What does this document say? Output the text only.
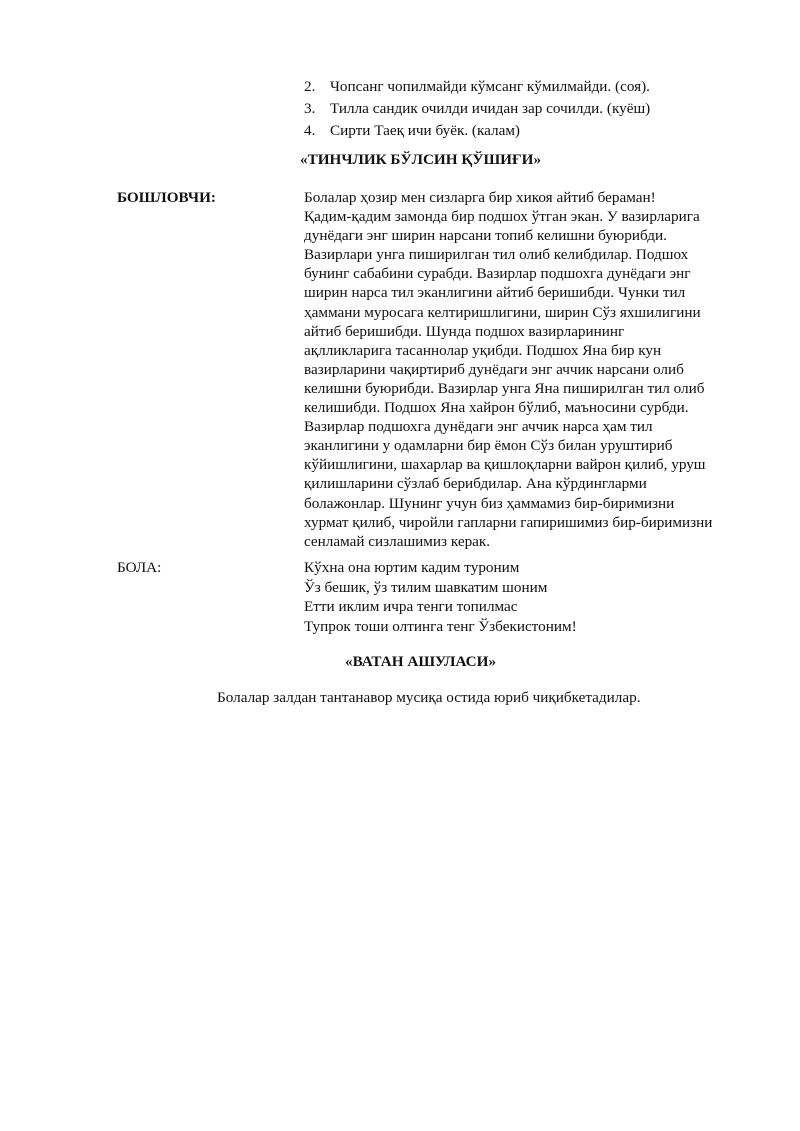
2. Чопсанг чопилмайди кўмсанг кўмилмайди. (соя).
3. Тилла сандик очилди ичидан зар сочилди. (куёш)
4. Сирти Таеқ ичи буёк. (калам)
«ТИНЧЛИК БЎЛСИН ҚЎШИҒИ»
БОШЛОВЧИ:	Болалар ҳозир мен сизларга бир хикоя айтиб бераман!
Қадим-қадим замонда бир подшох ўтган экан. У вазирларига
дунёдаги энг ширин нарсани топиб келишни буюрибди.
Вазирлари унга пиширилган тил олиб келибдилар. Подшох
бунинг сабабини сурабди. Вазирлар подшохга дунёдаги энг
ширин нарса тил эканлигини айтиб беришибди. Чунки тил
ҳаммани муросага келтиришлигини, ширин Сўз яхшилигини
айтиб беришибди. Шунда подшох вазирларининг
ақлликларига тасаннолар уқибди. Подшох Яна бир кун
вазирларини чақиртириб дунёдаги энг аччик нарсани олиб
келишни буюрибди. Вазирлар унга Яна пиширилган тил олиб
келишибди. Подшох Яна хайрон бўлиб, маъносини сурбди.
Вазирлар подшохга дунёдаги энг аччик нарса ҳам тил
эканлигини у одамларни бир ёмон Сўз билан уруштириб
кўйишлигини, шахарлар ва қишлоқларни вайрон қилиб, уруш
қилишларини сўзлаб берибдилар. Ана кўрдингларми
болажонлар. Шунинг учун биз ҳаммамиз бир-биримизни
хурмат қилиб, чиройли гапларни гапиришимиз бир-биримизни
сенламай сизлашимиз керак.

БОЛА:	Кўхна она юртим кадим туроним
Ўз бешик, ўз тилим шавкатим шоним
Етти иклим ичра тенги топилмас
Тупрок тоши олтинга тенг Ўзбекистоним!
«ВАТАН АШУЛАСИ»
Болалар залдан тантанавор мусиқа остида юриб чиқибкетадилар.
